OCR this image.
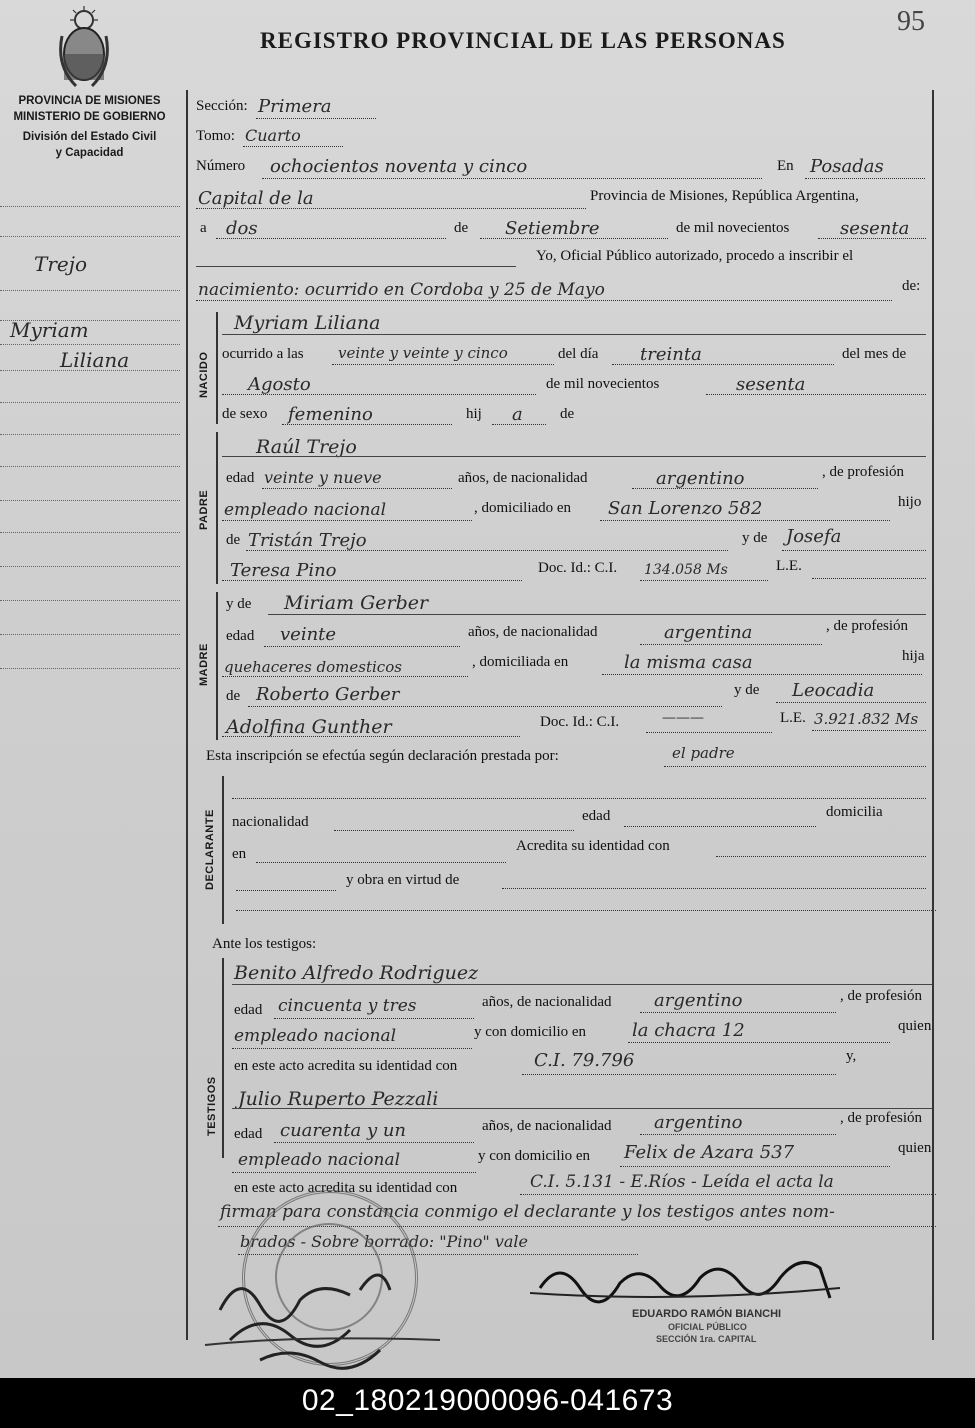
95
REGISTRO PROVINCIAL DE LAS PERSONAS
PROVINCIA DE MISIONES
MINISTERIO DE GOBIERNO
División del Estado Civil
y Capacidad
Trejo
Myriam
Liliana
Sección: Primera
Tomo: Cuarto
Número ochocientos noventa y cinco	En Posadas
Capital de la	Provincia de Misiones, República Argentina,
a dos	de Setiembre	de mil novecientos	sesenta
Yo, Oficial Público autorizado, procedo a inscribir el
nacimiento: ocurrido en Cordoba y 25 de Mayo	de:
NACIDO
Myriam Liliana
ocurrido a las veinte y veinte y cinco	del día treinta	del mes de
Agosto	de mil novecientos	sesenta
de sexo femenino	hij a de
PADRE
Raúl Trejo
edad veinte y nueve	años, de nacionalidad	argentino	, de profesión
empleado nacional	, domiciliado en San Lorenzo 582	hijo
de Tristán Trejo	y de Josefa
Teresa Pino	Doc. Id.: C.I. 134.058 Ms	L.E.
MADRE
y de Miriam Gerber
edad veinte	años, de nacionalidad	argentina	, de profesión
quehaceres domesticos	, domiciliada en	la misma casa	hija
de Roberto Gerber	y de Leocadia
Adolfina Gunther	Doc. Id.: C.I.	———	L.E. 3.921.832 Ms
Esta inscripción se efectúa según declaración prestada por:	el padre
DECLARANTE nacionalidad	edad	domicilia
en	Acredita su identidad con
y obra en virtud de
Ante los testigos:
TESTIGOS
Benito Alfredo Rodriguez
edad cincuenta y tres	años, de nacionalidad argentino	, de profesión
empleado nacional	y con domicilio en	la chacra 12	quien
en este acto acredita su identidad con	C.I. 79.796	y,
Julio Ruperto Pezzali
edad cuarenta y un	años, de nacionalidad argentino	, de profesión
empleado nacional	y con domicilio en Felix de Azara 537	quien
en este acto acredita su identidad con	C.I. 5.131 - E.Ríos - Leída el acta la
firman para constancia conmigo el declarante y los testigos antes nom-
brados - Sobre borrado: "Pino" vale
EDUARDO RAMÓN BIANCHI
OFICIAL PÚBLICO
SECCIÓN 1ra. CAPITAL
02_180219000096-041673
